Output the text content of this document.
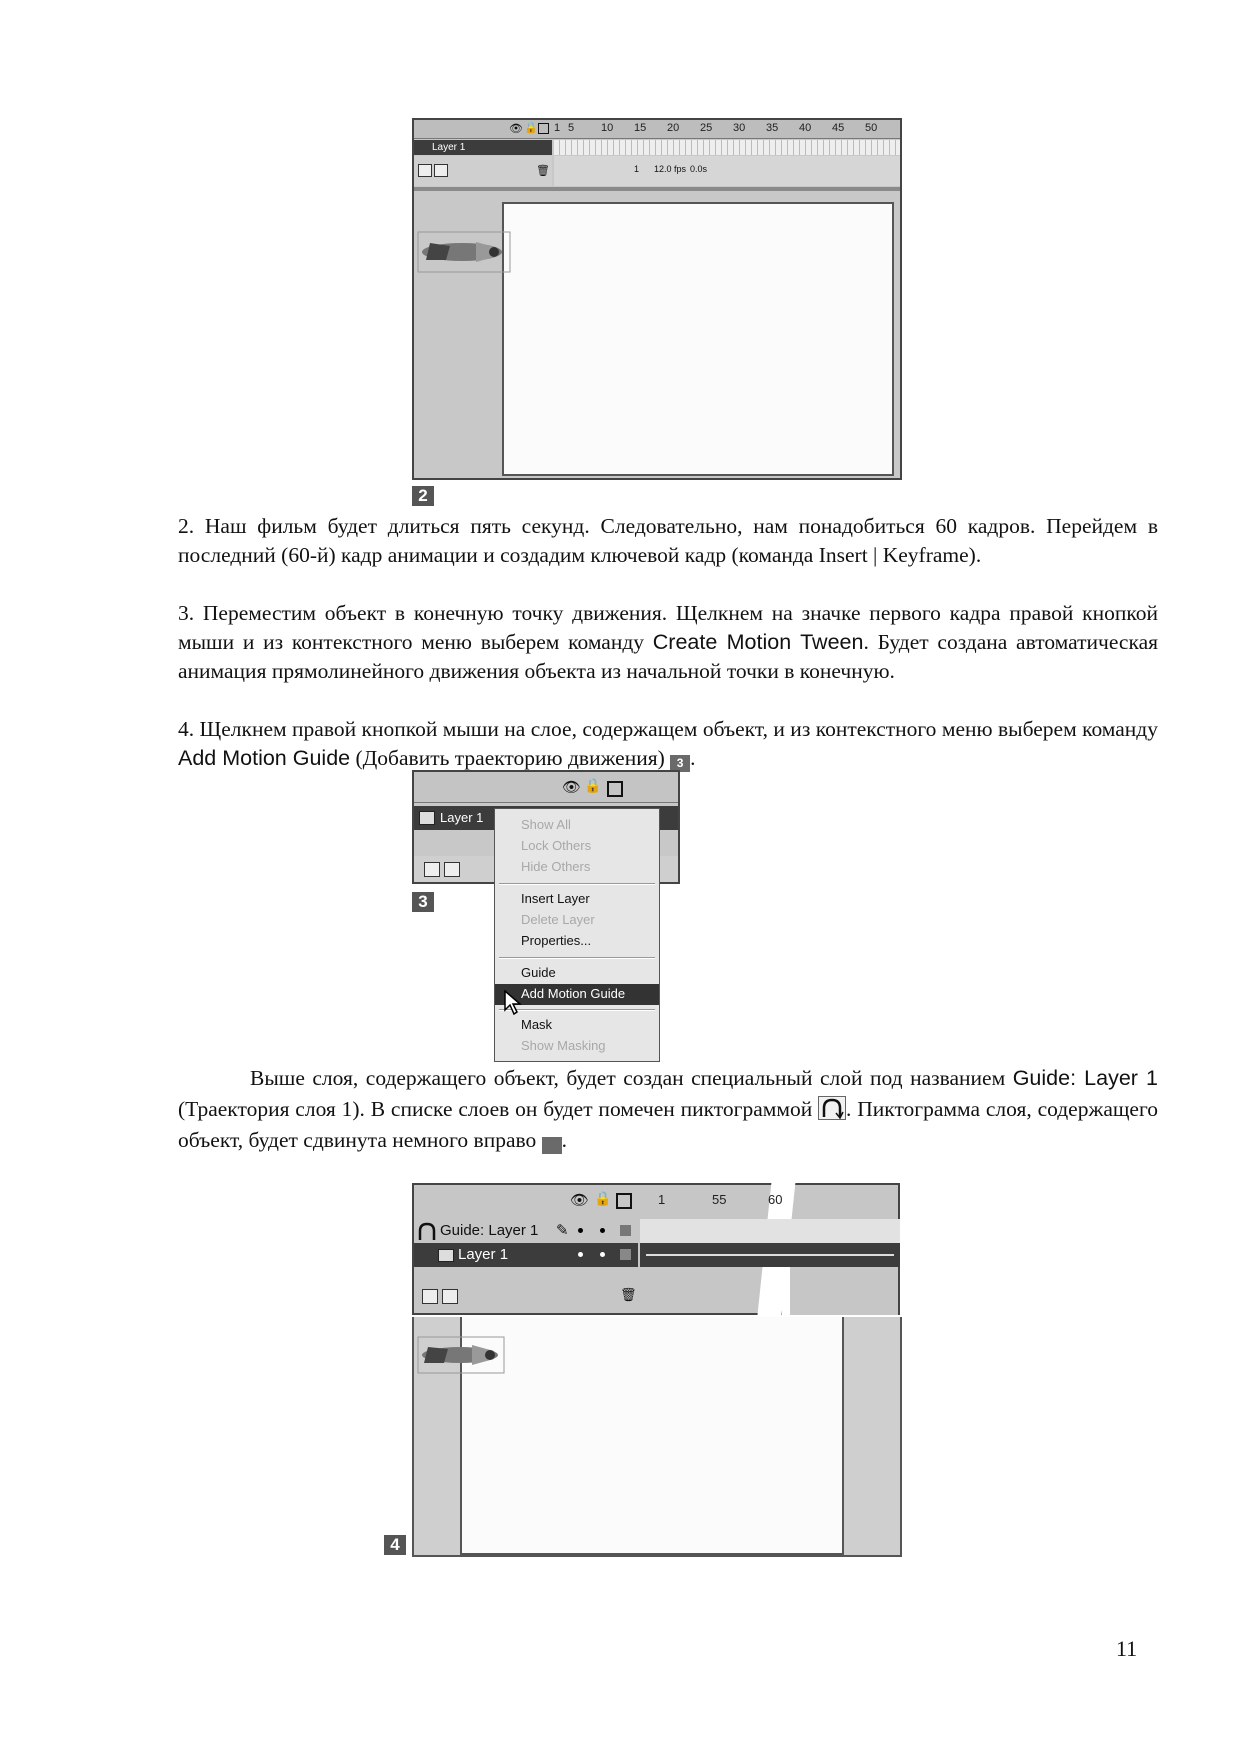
👁 🔒 1 5 10 15 20 25 30 35 40 45 50
Layer 1
🗑	1 12.0 fps 0.0s
2
2. Наш фильм будет длиться пять секунд. Следовательно, нам понадобиться 60 кадров. Перейдем в последний (60-й) кадр анимации и создадим ключевой кадр (команда Insert | Keyframe).
3. Переместим объект в конечную точку движения. Щелкнем на значке первого кадра правой кнопкой мыши и из контекстного меню выберем команду Create Motion Tween. Будет создана автоматическая анимация прямолинейного движения объекта из начальной точки в конечную.
4. Щелкнем правой кнопкой мыши на слое, содержащем объект, и из контекстного меню выберем команду Add Motion Guide (Добавить траекторию движения) 3 .
👁 🔒
Layer 1
3
Show All
Lock Others
Hide Others
Insert Layer
Delete Layer
Properties...
Guide
Add Motion Guide
Mask
Show Masking
Выше слоя, содержащего объект, будет создан специальный слой под названием Guide: Layer 1 (Траектория слоя 1). В списке слоев он будет помечен пиктограммой . Пиктограмма слоя, содержащего объект, будет сдвинута немного вправо	4.
👁 🔒	1	55	60
Guide: Layer 1 ✎
Layer 1
🗑
4
11
